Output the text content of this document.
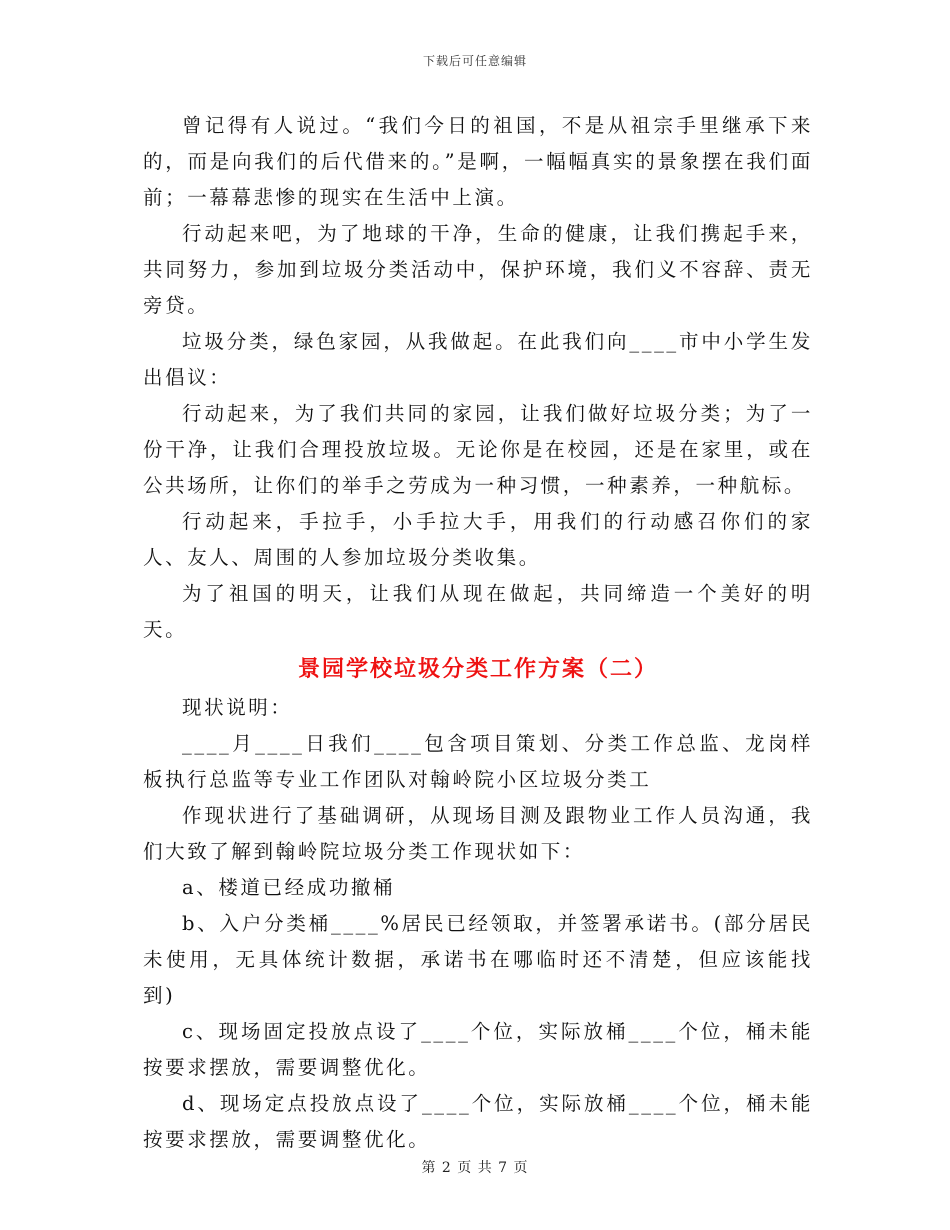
下载后可任意编辑

曾记得有人说过。“我们今日的祖国，不是从祖宗手里继承下来的，而是向我们的后代借来的。”是啊，一幅幅真实的景象摆在我们面前；一幕幕悲惨的现实在生活中上演。

行动起来吧，为了地球的干净，生命的健康，让我们携起手来，共同努力，参加到垃圾分类活动中，保护环境，我们义不容辞、责无旁贷。

垃圾分类，绿色家园，从我做起。在此我们向____市中小学生发出倡议：

行动起来，为了我们共同的家园，让我们做好垃圾分类；为了一份干净，让我们合理投放垃圾。无论你是在校园，还是在家里，或在公共场所，让你们的举手之劳成为一种习惯，一种素养，一种航标。

行动起来，手拉手，小手拉大手，用我们的行动感召你们的家人、友人、周围的人参加垃圾分类收集。

为了祖国的明天，让我们从现在做起，共同缔造一个美好的明天。

景园学校垃圾分类工作方案（二）

现状说明：

____月____日我们____包含项目策划、分类工作总监、龙岗样板执行总监等专业工作团队对翰岭院小区垃圾分类工

作现状进行了基础调研，从现场目测及跟物业工作人员沟通，我们大致了解到翰岭院垃圾分类工作现状如下：

a、楼道已经成功撤桶

b、入户分类桶____%居民已经领取，并签署承诺书。(部分居民未使用，无具体统计数据，承诺书在哪临时还不清楚，但应该能找到)

c、现场固定投放点设了____个位，实际放桶____个位，桶未能按要求摆放，需要调整优化。

d、现场定点投放点设了____个位，实际放桶____个位，桶未能按要求摆放，需要调整优化。

第 2 页 共 7 页
